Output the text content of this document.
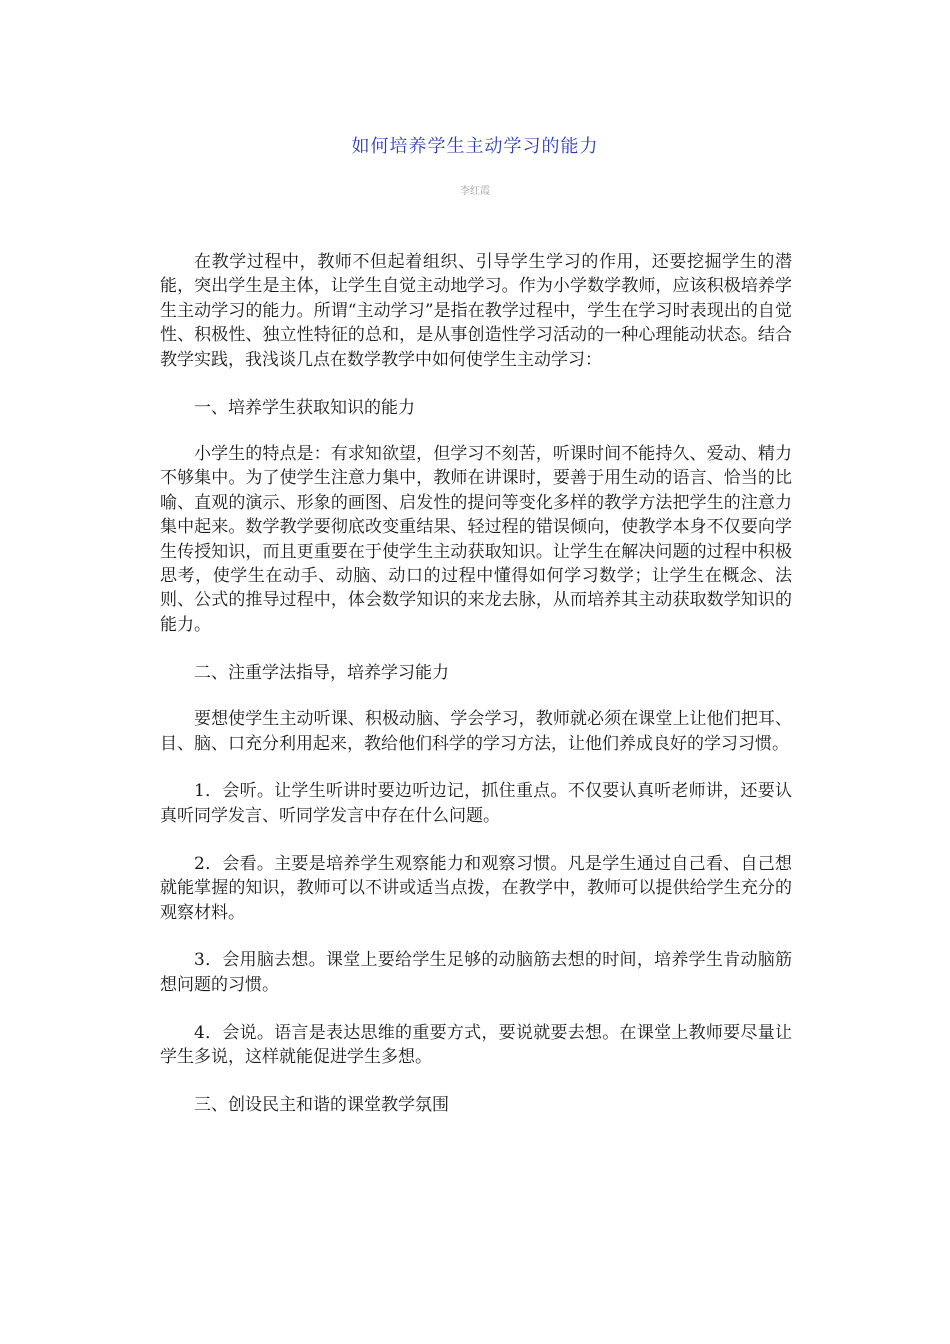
如何培养学生主动学习的能力
李红霞

在教学过程中，教师不但起着组织、引导学生学习的作用，还要挖掘学生的潜能，突出学生是主体，让学生自觉主动地学习。作为小学数学教师，应该积极培养学生主动学习的能力。所谓“主动学习”是指在教学过程中，学生在学习时表现出的自觉性、积极性、独立性特征的总和，是从事创造性学习活动的一种心理能动状态。结合教学实践，我浅谈几点在数学教学中如何使学生主动学习：

一、培养学生获取知识的能力

小学生的特点是：有求知欲望，但学习不刻苦，听课时间不能持久、爱动、精力不够集中。为了使学生注意力集中，教师在讲课时，要善于用生动的语言、恰当的比喻、直观的演示、形象的画图、启发性的提问等变化多样的教学方法把学生的注意力集中起来。数学教学要彻底改变重结果、轻过程的错误倾向，使教学本身不仅要向学生传授知识，而且更重要在于使学生主动获取知识。让学生在解决问题的过程中积极思考，使学生在动手、动脑、动口的过程中懂得如何学习数学；让学生在概念、法则、公式的推导过程中，体会数学知识的来龙去脉，从而培养其主动获取数学知识的能力。

二、注重学法指导，培养学习能力

要想使学生主动听课、积极动脑、学会学习，教师就必须在课堂上让他们把耳、目、脑、口充分利用起来，教给他们科学的学习方法，让他们养成良好的学习习惯。

1．会听。让学生听讲时要边听边记，抓住重点。不仅要认真听老师讲，还要认真听同学发言、听同学发言中存在什么问题。

2．会看。主要是培养学生观察能力和观察习惯。凡是学生通过自己看、自己想就能掌握的知识，教师可以不讲或适当点拨，在教学中，教师可以提供给学生充分的观察材料。

3．会用脑去想。课堂上要给学生足够的动脑筋去想的时间，培养学生肯动脑筋想问题的习惯。

4．会说。语言是表达思维的重要方式，要说就要去想。在课堂上教师要尽量让学生多说，这样就能促进学生多想。

三、创设民主和谐的课堂教学氛围
